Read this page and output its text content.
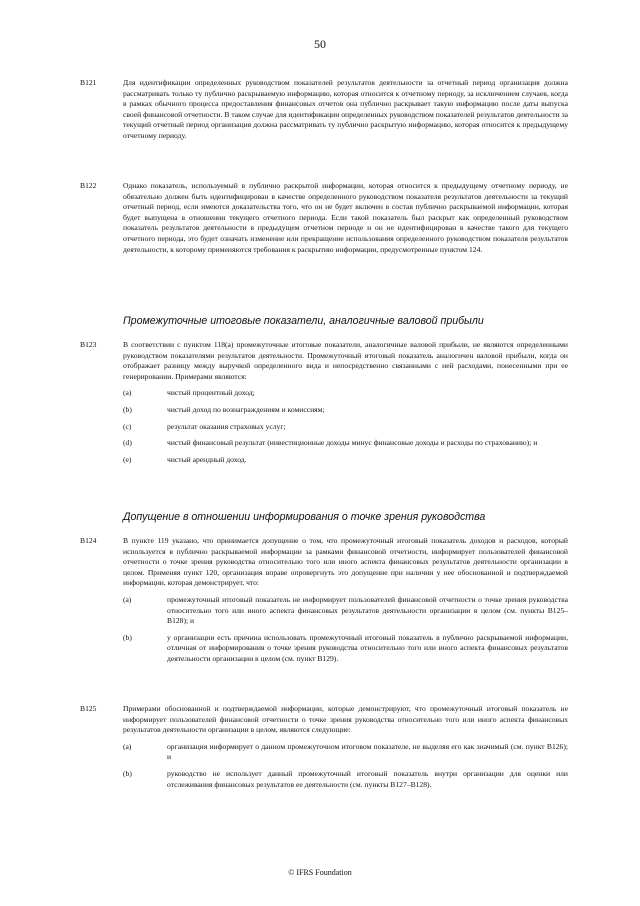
50
B121	Для идентификации определенных руководством показателей результатов деятельности за отчетный период организация должна рассматривать только ту публично раскрываемую информацию, которая относится к отчетному периоду, за исключением случаев, когда в рамках обычного процесса предоставления финансовых отчетов она публично раскрывает такую информацию после даты выпуска своей финансовой отчетности. В таком случае для идентификации определенных руководством показателей результатов деятельности за текущий отчетный период организация должна рассматривать ту публично раскрытую информацию, которая относится к предыдущему отчетному периоду.
B122	Однако показатель, используемый в публично раскрытой информации, которая относится к предыдущему отчетному периоду, не обязательно должен быть идентифицирован в качестве определенного руководством показателя результатов деятельности за текущий отчетный период, если имеются доказательства того, что он не будет включен в состав публично раскрываемой информации, которая будет выпущена в отношении текущего отчетного периода. Если такой показатель был раскрыт как определенный руководством показатель результатов деятельности в предыдущем отчетном периоде и он не идентифицирован в качестве такого для текущего отчетного периода, это будет означать изменение или прекращение использования определенного руководством показателя результатов деятельности, к которому применяются требования к раскрытию информации, предусмотренные пунктом 124.
Промежуточные итоговые показатели, аналогичные валовой прибыли
B123	В соответствии с пунктом 118(а) промежуточные итоговые показатели, аналогичные валовой прибыли, не являются определенными руководством показателями результатов деятельности. Промежуточный итоговый показатель аналогичен валовой прибыли, когда он отображает разницу между выручкой определенного вида и непосредственно связанными с ней расходами, понесенными при ее генерировании. Примерами являются:
(a)	чистый процентный доход;
(b)	чистый доход по вознаграждениям и комиссиям;
(c)	результат оказания страховых услуг;
(d)	чистый финансовый результат (инвестиционные доходы минус финансовые доходы и расходы по страхованию); и
(e)	чистый арендный доход.
Допущение в отношении информирования о точке зрения руководства
B124	В пункте 119 указано, что принимается допущение о том, что промежуточный итоговый показатель доходов и расходов, который используется в публично раскрываемой информации за рамками финансовой отчетности, информирует пользователей финансовой отчетности о точке зрения руководства относительно того или иного аспекта финансовых результатов деятельности организации в целом. Применяя пункт 120, организация вправе опровергнуть это допущение при наличии у нее обоснованной и подтверждаемой информации, которая демонстрирует, что:
(a)	промежуточный итоговый показатель не информирует пользователей финансовой отчетности о точке зрения руководства относительно того или иного аспекта финансовых результатов деятельности организации в целом (см. пункты B125–B128); и
(b)	у организации есть причина использовать промежуточный итоговый показатель в публично раскрываемой информации, отличная от информирования о точке зрения руководства относительно того или иного аспекта финансовых результатов деятельности организации в целом (см. пункт B129).
B125	Примерами обоснованной и подтверждаемой информации, которые демонстрируют, что промежуточный итоговый показатель не информирует пользователей финансовой отчетности о точке зрения руководства относительно того или иного аспекта финансовых результатов деятельности организации в целом, являются следующие:
(a)	организация информирует о данном промежуточном итоговом показателе, не выделяя его как значимый (см. пункт B126); и
(b)	руководство не использует данный промежуточный итоговый показатель внутри организации для оценки или отслеживания финансовых результатов ее деятельности (см. пункты B127–B128).
© IFRS Foundation
